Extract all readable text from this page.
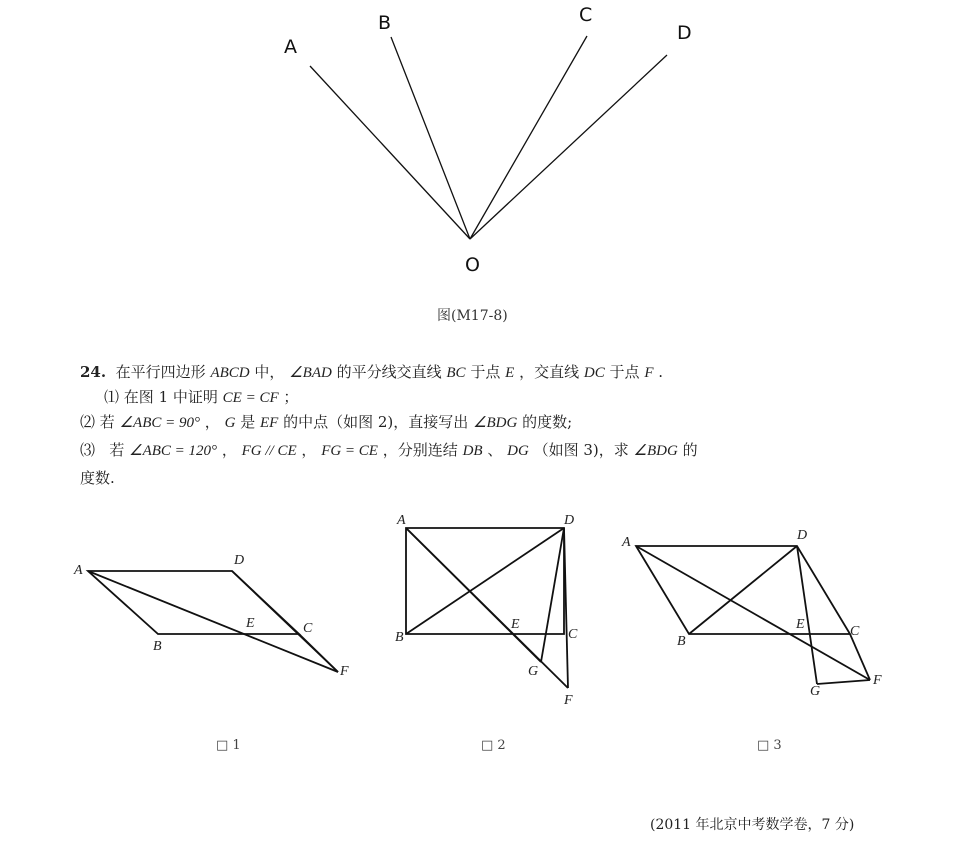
A
B	C
D
O
图(M17-8)
24. 在平行四边形 ABCD 中， ∠BAD 的平分线交直线 BC 于点 E ，交直线 DC 于点 F .
⑴ 在图 1 中证明 CE = CF ；
⑵ 若 ∠ABC = 90° ， G 是 EF 的中点（如图 2)，直接写出 ∠BDG 的度数;
⑶ 若 ∠ABC = 120° ， FG // CE ， FG = CE ，分别连结 DB 、 DG （如图 3)，求 ∠BDG 的
度数.
A
D
B
E	C
F
□ 1
A	D
B
E
C
G
F
□ 2
A	D
B
E	C
G
F
□ 3
(2011 年北京中考数学卷，7 分)
